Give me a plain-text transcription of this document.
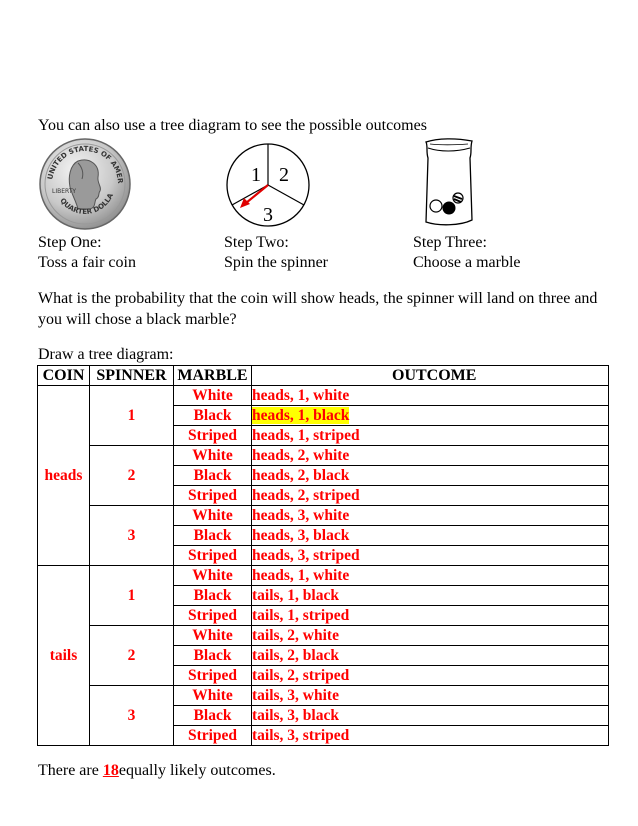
You can also use a tree diagram to see the possible outcomes
UNITED STATES OF AMER
LIBERTY
QUARTER DOLLA
1 2
3
Step One:
Toss a fair coin
Step Two:
Spin the spinner
Step Three:
Choose a marble
What is the probability that the coin will show heads, the spinner will land on three and you will chose a black marble?
Draw a tree diagram:
COIN	SPINNER	MARBLE	OUTCOME
heads	1	White	heads, 1, white
		Black	heads, 1, black
		Striped	heads, 1, striped
	2	White	heads, 2, white
		Black	heads, 2, black
		Striped	heads, 2, striped
	3	White	heads, 3, white
		Black	heads, 3, black
		Striped	heads, 3, striped
tails	1	White	heads, 1, white
		Black	tails, 1, black
		Striped	tails, 1, striped
	2	White	tails, 2, white
		Black	tails, 2, black
		Striped	tails, 2, striped
	3	White	tails, 3, white
		Black	tails, 3, black
		Striped	tails, 3, striped
There are 18equally likely outcomes.
